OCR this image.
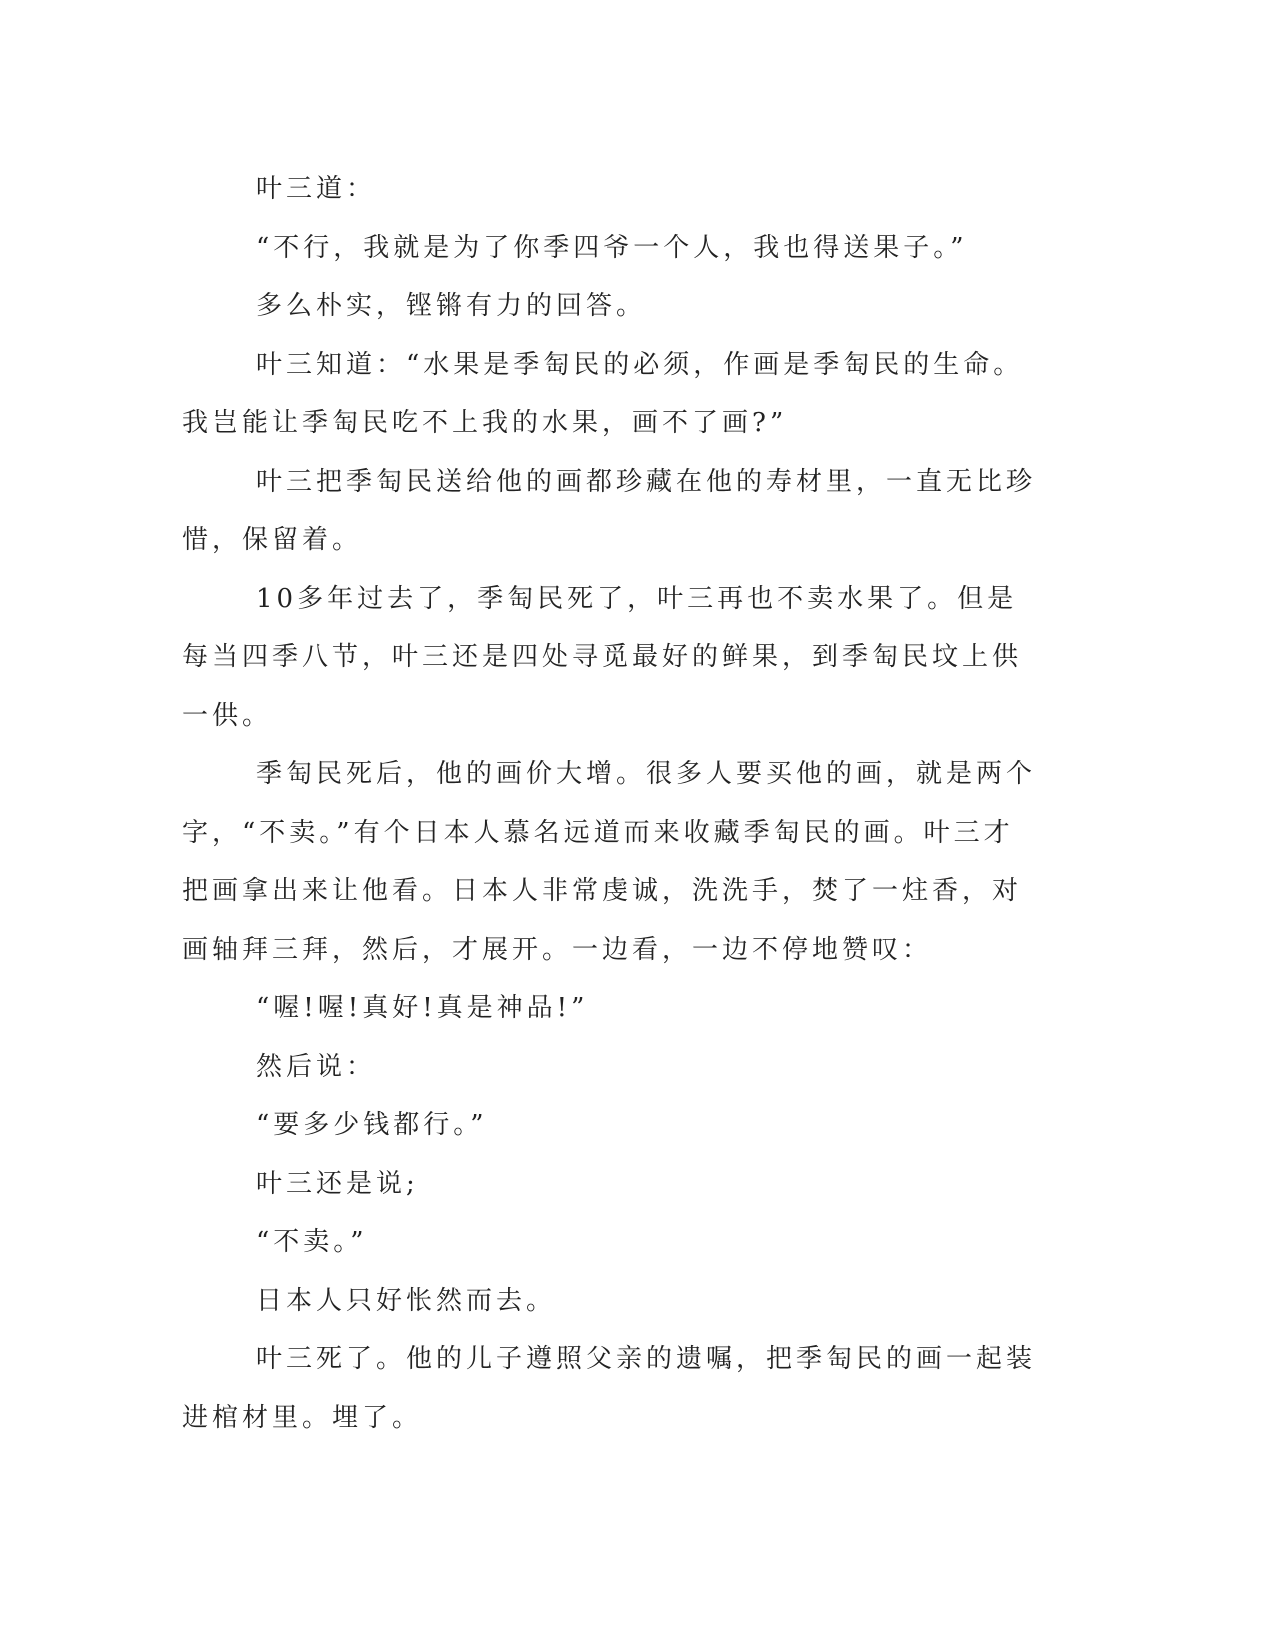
叶三道：

“不行，我就是为了你季四爷一个人，我也得送果子。”

多么朴实，铿锵有力的回答。

叶三知道：“水果是季匋民的必须，作画是季匋民的生命。我岂能让季匋民吃不上我的水果，画不了画?”

叶三把季匋民送给他的画都珍藏在他的寿材里，一直无比珍惜，保留着。

10多年过去了，季匋民死了，叶三再也不卖水果了。但是每当四季八节，叶三还是四处寻觅最好的鲜果，到季匋民坟上供一供。

季匋民死后，他的画价大增。很多人要买他的画，就是两个字，“不卖。”有个日本人慕名远道而来收藏季匋民的画。叶三才把画拿出来让他看。日本人非常虔诚，洗洗手，焚了一炷香，对画轴拜三拜，然后，才展开。一边看，一边不停地赞叹：

“喔!喔!真好!真是神品!”

然后说：

“要多少钱都行。”

叶三还是说;

“不卖。”

日本人只好怅然而去。

叶三死了。他的儿子遵照父亲的遗嘱，把季匋民的画一起装进棺材里。埋了。
